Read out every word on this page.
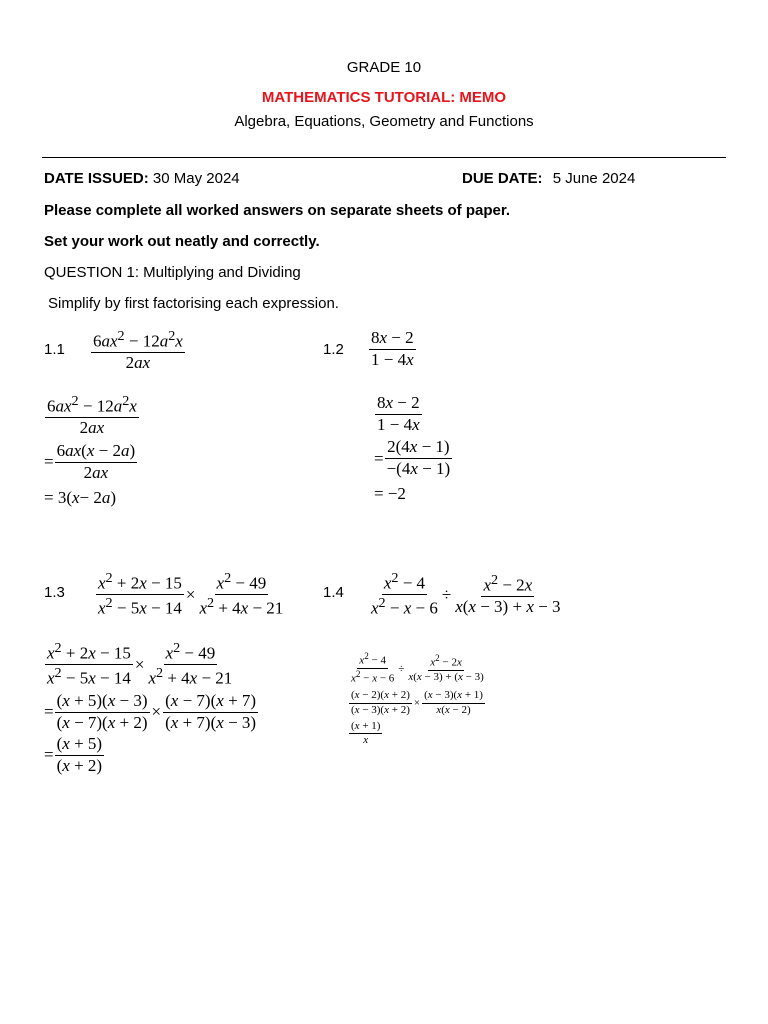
GRADE 10
MATHEMATICS TUTORIAL: MEMO
Algebra, Equations, Geometry and Functions
DATE ISSUED: 30 May 2024	DUE DATE: 5 June 2024
Please complete all worked answers on separate sheets of paper.
Set your work out neatly and correctly.
QUESTION 1: Multiplying and Dividing
Simplify by first factorising each expression.
$1.1 \frac{6ax^2 - 12a^2x}{2ax}$	$1.2 \frac{8x - 2}{1 - 4x}$
$\frac{6ax^2 - 12a^2x}{2ax}$
= $\frac{6ax(x - 2a)}{2ax}$
= 3( x − 2 a )
$\frac{8x - 2}{1 - 4x}$
= $\frac{2(4x - 1)}{-(4x - 1)}$
= −2
$1.3 \frac{x^2 + 2x - 15}{x^2 - 5x - 14} \times \frac{x^2 - 49}{x^2 + 4x - 21}$	$1.4 \frac{x^2 - 4}{x^2 - x - 6} \div \frac{x^2 - 2x}{x(x - 3) + x - 3}$
$\frac{x^2 + 2x - 15}{x^2 - 5x - 14} \times \frac{x^2 - 49}{x^2 + 4x - 21}$
= $\frac{(x + 5)(x - 3)}{(x - 7)(x + 2)} \times \frac{(x - 7)(x + 7)}{(x + 7)(x - 3)}$
= $\frac{(x + 5)}{(x + 2)}$
$\frac{x^2 - 4}{x^2 - x - 6} \div \frac{x^2 - 2x}{x(x - 3) + (x - 3)}$
$\frac{(x - 2)(x + 2)}{(x - 3)(x + 2)} \times \frac{(x - 3)(x + 1)}{x(x - 2)}$
$\frac{(x + 1)}{x}$
